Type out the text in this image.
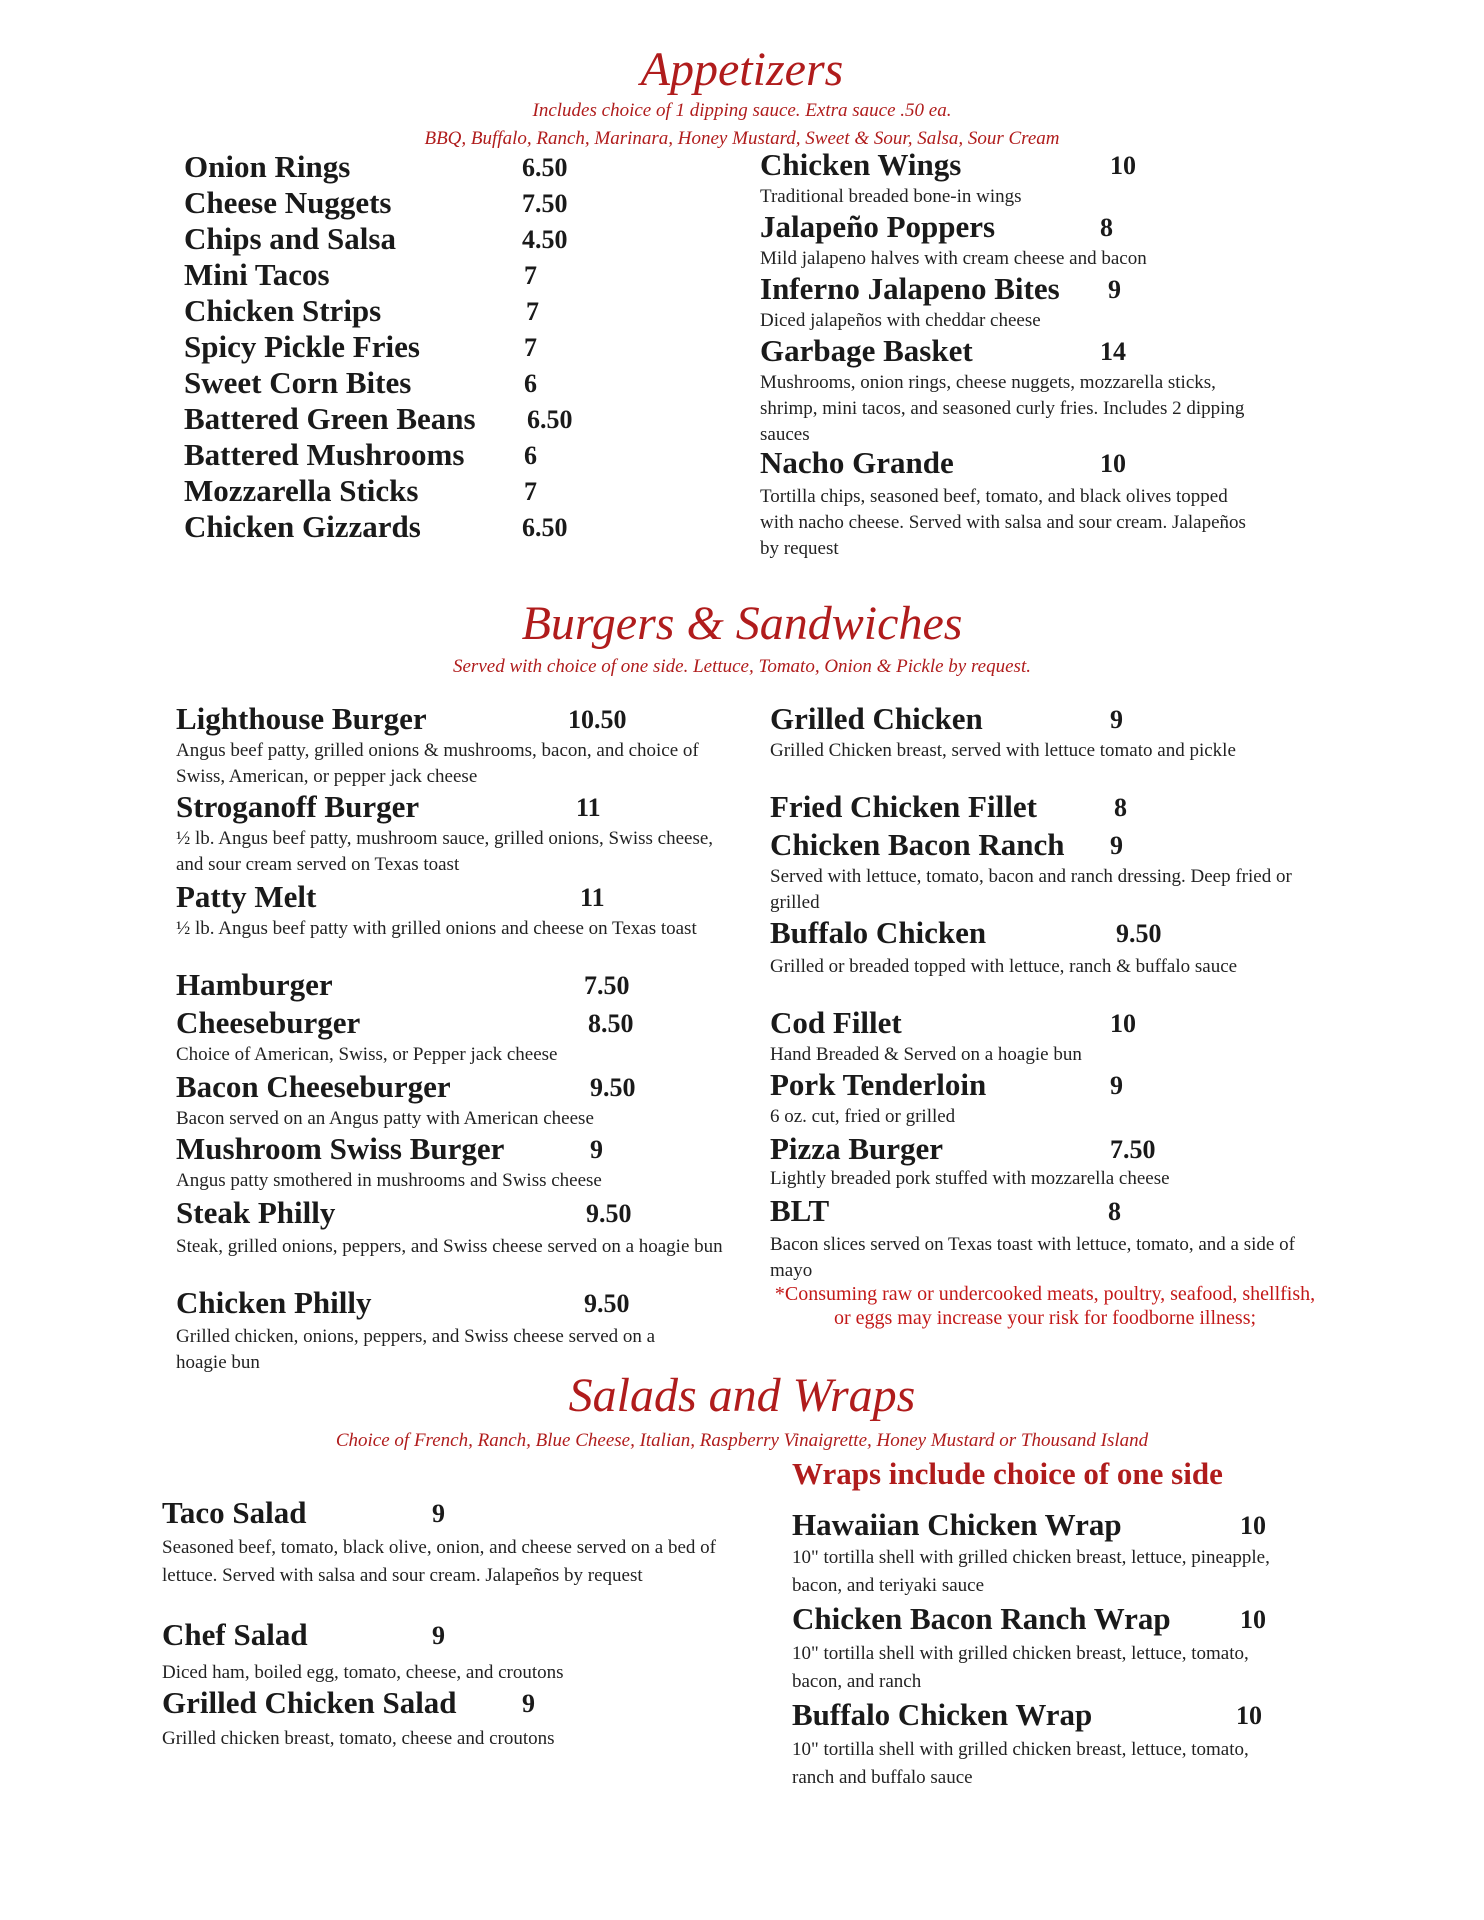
Appetizers
Includes choice of 1 dipping sauce. Extra sauce .50 ea.
BBQ, Buffalo, Ranch, Marinara, Honey Mustard, Sweet & Sour, Salsa, Sour Cream
Onion Rings	6.50
Cheese Nuggets	7.50
Chips and Salsa	4.50
Mini Tacos	7
Chicken Strips	7
Spicy Pickle Fries	7
Sweet Corn Bites	6
Battered Green Beans 6.50
Battered Mushrooms 6
Mozzarella Sticks	7
Chicken Gizzards	6.50
Chicken Wings	10
Traditional breaded bone-in wings
Jalapeño Poppers	8
Mild jalapeno halves with cream cheese and bacon
Inferno Jalapeno Bites 9
Diced jalapeños with cheddar cheese
Garbage Basket	14
Mushrooms, onion rings, cheese nuggets, mozzarella sticks, shrimp, mini tacos, and seasoned curly fries. Includes 2 dipping sauces
Nacho Grande	10
Tortilla chips, seasoned beef, tomato, and black olives topped with nacho cheese. Served with salsa and sour cream. Jalapeños by request
Burgers & Sandwiches
Served with choice of one side. Lettuce, Tomato, Onion & Pickle by request.
Lighthouse Burger	10.50
Angus beef patty, grilled onions & mushrooms, bacon, and choice of Swiss, American, or pepper jack cheese
Stroganoff Burger	11
½ lb. Angus beef patty, mushroom sauce, grilled onions, Swiss cheese, and sour cream served on Texas toast
Patty Melt	11
½ lb. Angus beef patty with grilled onions and cheese on Texas toast
Hamburger	7.50
Cheeseburger	8.50
Choice of American, Swiss, or Pepper jack cheese
Bacon Cheeseburger	9.50
Bacon served on an Angus patty with American cheese
Mushroom Swiss Burger	9
Angus patty smothered in mushrooms and Swiss cheese
Steak Philly	9.50
Steak, grilled onions, peppers, and Swiss cheese served on a hoagie bun
Chicken Philly	9.50
Grilled chicken, onions, peppers, and Swiss cheese served on a hoagie bun
Grilled Chicken	9
Grilled Chicken breast, served with lettuce tomato and pickle
Fried Chicken Fillet	8
Chicken Bacon Ranch 9
Served with lettuce, tomato, bacon and ranch dressing. Deep fried or grilled
Buffalo Chicken	9.50
Grilled or breaded topped with lettuce, ranch & buffalo sauce
Cod Fillet	10
Hand Breaded & Served on a hoagie bun
Pork Tenderloin	9
6 oz. cut, fried or grilled
Pizza Burger	7.50
Lightly breaded pork stuffed with mozzarella cheese
BLT	8
Bacon slices served on Texas toast with lettuce, tomato, and a side of mayo
*Consuming raw or undercooked meats, poultry, seafood, shellfish, or eggs may increase your risk for foodborne illness;
Salads and Wraps
Choice of French, Ranch, Blue Cheese, Italian, Raspberry Vinaigrette, Honey Mustard or Thousand Island
Wraps include choice of one side
Taco Salad	9
Seasoned beef, tomato, black olive, onion, and cheese served on a bed of lettuce. Served with salsa and sour cream. Jalapeños by request
Chef Salad	9
Diced ham, boiled egg, tomato, cheese, and croutons
Grilled Chicken Salad	9
Grilled chicken breast, tomato, cheese and croutons
Hawaiian Chicken Wrap	10
10" tortilla shell with grilled chicken breast, lettuce, pineapple, bacon, and teriyaki sauce
Chicken Bacon Ranch Wrap	10
10" tortilla shell with grilled chicken breast, lettuce, tomato, bacon, and ranch
Buffalo Chicken Wrap	10
10" tortilla shell with grilled chicken breast, lettuce, tomato, ranch and buffalo sauce
